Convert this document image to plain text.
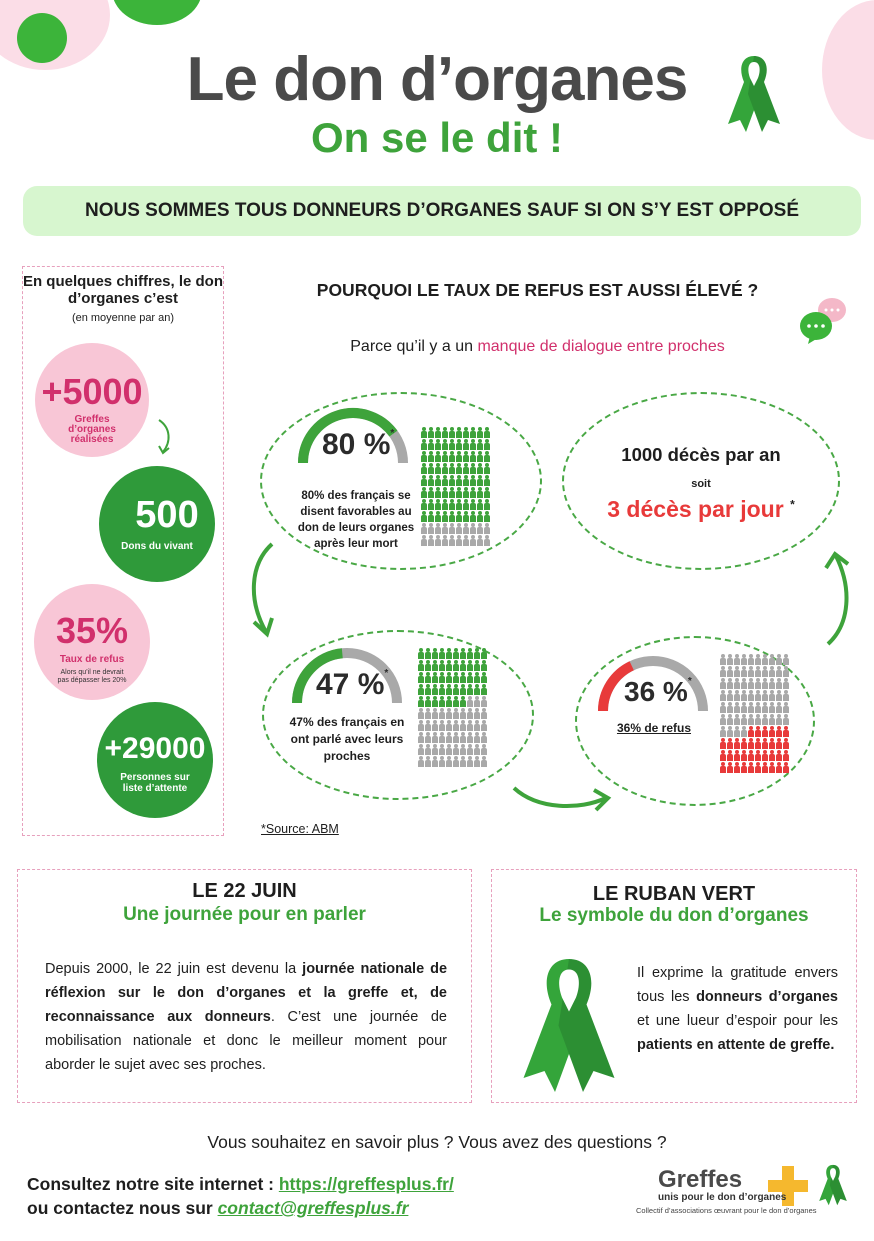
Le don d’organes
On se le dit !
NOUS SOMMES TOUS DONNEURS D’ORGANES SAUF SI ON S’Y EST OPPOSÉ
En quelques chiffres, le don d’organes c’est
(en moyenne par an)
+5000
Greffes d’organes réalisées
500
Dons du vivant
35%
Taux de refus
Alors qu’il ne devrait pas dépasser les 20%
+29000
Personnes sur liste d’attente
POURQUOI LE TAUX DE REFUS EST AUSSI ÉLEVÉ ?
Parce qu’il y a un manque de dialogue entre proches
80 %*
80% des français se disent favorables au don de leurs organes après leur mort
1000 décès par an
soit
3 décès par jour *
47 %*
47% des français en ont parlé avec leurs proches
36 %*
36% de refus
*Source: ABM
LE 22 JUIN
Une journée pour en parler
Depuis 2000, le 22 juin est devenu la journée nationale de réflexion sur le don d’organes et la greffe et, de reconnaissance aux donneurs. C’est une journée de mobilisation nationale et donc le meilleur moment pour aborder le sujet avec ses proches.
LE RUBAN VERT
Le symbole du don d’organes
Il exprime la gratitude envers tous les donneurs d’organes et une lueur d’espoir pour les patients en attente de greffe.
Vous souhaitez en savoir plus ? Vous avez des questions ?
Consultez notre site internet : https://greffesplus.fr/
ou contactez nous sur contact@greffesplus.fr
Greffes
unis pour le don d’organes
Collectif d’associations œuvrant pour le don d’organes
